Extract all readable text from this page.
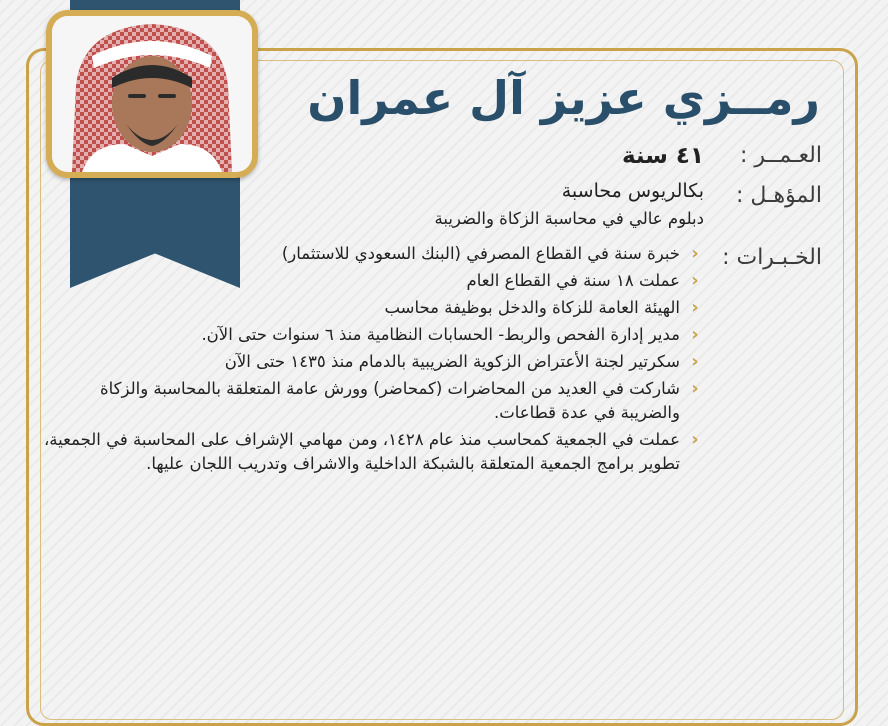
رمــزي عزيز آل عمران
العـمــر :
٤١ سنة
المؤهـل :
بكالريوس محاسبة
دبلوم عالي في محاسبة الزكاة والضريبة
الخـبـرات :
‹
خبرة سنة في القطاع المصرفي (البنك السعودي للاستثمار)
‹
عملت ١٨ سنة في القطاع العام
‹
الهيئة العامة للزكاة والدخل بوظيفة محاسب
‹
مدير إدارة الفحص والربط- الحسابات النظامية منذ ٦ سنوات حتى الآن.
‹
سكرتير لجنة الأعتراض الزكوية الضريبية بالدمام منذ ١٤٣٥ حتى الآن
‹
شاركت في العديد من المحاضرات (كمحاضر) وورش عامة المتعلقة بالمحاسبة والزكاة والضريبة في عدة قطاعات.
‹
عملت في الجمعية كمحاسب منذ عام ١٤٢٨، ومن مهامي الإشراف على المحاسبة في الجمعية، تطوير برامج الجمعية المتعلقة بالشبكة الداخلية والاشراف وتدريب اللجان عليها.
